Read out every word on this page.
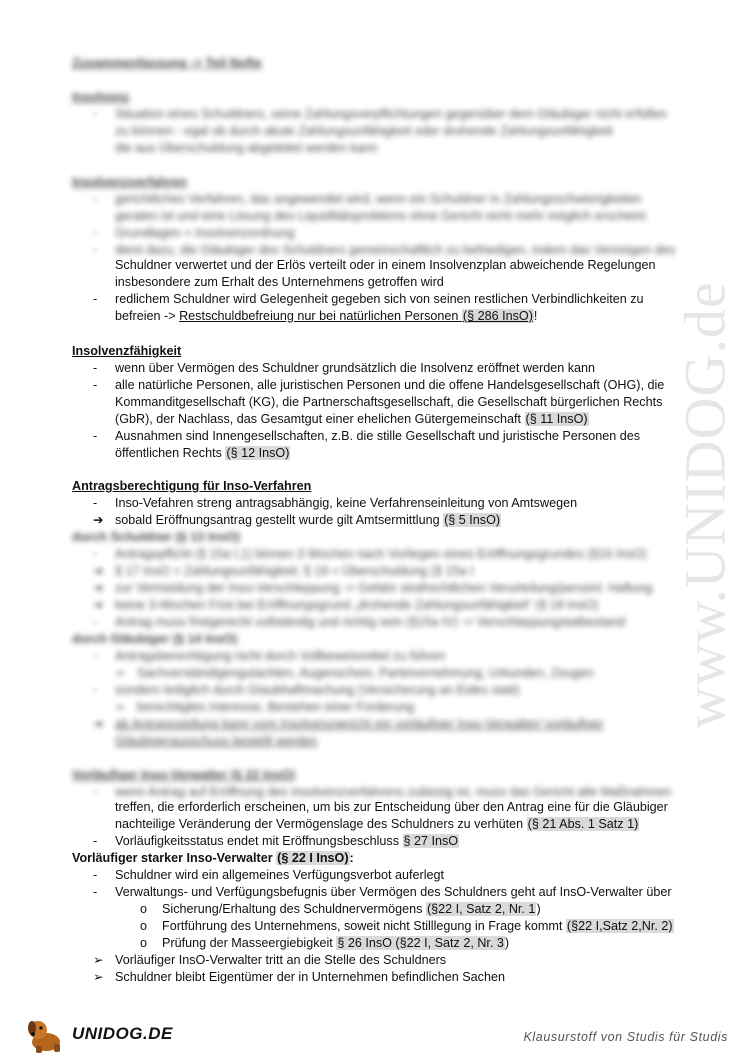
www.UNIDOG.de
Zusammenfassung -> Teil Nofte
Insolvenz
- Situation eines Schuldners, seine Zahlungsverpflichtungen gegenüber dem Gläubiger nicht erfüllen
zu können - egal ob durch akute Zahlungsunfähigkeit oder drohende Zahlungsunfähigkeit
die aus Überschuldung abgeleitet werden kann
Insolvenzverfahren
- gerichtliches Verfahren, das angewendet wird, wenn ein Schuldner in Zahlungsschwierigkeiten
geraten ist und eine Lösung des Liquiditätsproblems ohne Gericht nicht mehr möglich erscheint
- Grundlagen = Insolvenzordnung
- dient dazu, die Gläubiger des Schuldners gemeinschaftlich zu befriedigen, indem das Vermögen des
Schuldner verwertet und der Erlös verteilt oder in einem Insolvenzplan abweichende Regelungen
insbesondere zum Erhalt des Unternehmens getroffen wird
- redlichem Schuldner wird Gelegenheit gegeben sich von seinen restlichen Verbindlichkeiten zu
befreien -> Restschuldbefreiung nur bei natürlichen Personen (§ 286 InsO)!
Insolvenzfähigkeit
- wenn über Vermögen des Schuldner grundsätzlich die Insolvenz eröffnet werden kann
- alle natürliche Personen, alle juristischen Personen und die offene Handelsgesellschaft (OHG), die
Kommanditgesellschaft (KG), die Partnerschaftsgesellschaft, die Gesellschaft bürgerlichen Rechts
(GbR), der Nachlass, das Gesamtgut einer ehelichen Gütergemeinschaft (§ 11 InsO)
- Ausnahmen sind Innengesellschaften, z.B. die stille Gesellschaft und juristische Personen des
öffentlichen Rechts (§ 12 InsO)
Antragsberechtigung für Inso-Verfahren
- Inso-Vefahren streng antragsabhängig, keine Verfahrenseinleitung von Amtswegen
➔ sobald Eröffnungsantrag gestellt wurde gilt Amtsermittlung (§ 5 InsO)
durch Schuldner (§ 13 InsO)
- Antragspflicht (§ 15a I,1) binnen 3 Wochen nach Vorliegen eines Eröffnungsgrundes (§16 InsO)
➔ § 17 InsO = Zahlungsunfähigkeit; § 19 = Überschuldung (§ 15a I
➔ zur Vermeidung der Inso-Verschleppung -> Gefahr strafrechtlichen Verurteilung/persönl. Haftung
➔ keine 3-Wochen Frist bei Eröffnungsgrund „drohende Zahlungsunfähigkeit“ (§ 18 InsO)
- Antrag muss fristgerecht vollständig und richtig sein (§15a IV) -> Verschleppungstatbestand
durch Gläubiger (§ 14 InsO)
- Antragsberechtigung nicht durch Vollbeweismittel zu führen
➢ Sachverständigengutachten, Augenschein, Parteivernehmung, Urkunden, Zeugen
- sondern lediglich durch Glaubhaftmachung (Versicherung an Eides statt)
➢ berechtigtes Interesse, Bestehen einer Forderung
➔ ab Antragsstellung kann vom Insolvenzgericht ein vorläufiger Inso-Verwalter/ vorläufiger
Gläubigerausschuss bestellt werden
Vorläufiger Inso-Verwalter (§ 22 InsO)
- wenn Antrag auf Eröffnung des Insolvenzverfahrens zulässig ist, muss das Gericht alle Maßnahmen
treffen, die erforderlich erscheinen, um bis zur Entscheidung über den Antrag eine für die Gläubiger
nachteilige Veränderung der Vermögenslage des Schuldners zu verhüten (§ 21 Abs. 1 Satz 1)
- Vorläufigkeitsstatus endet mit Eröffnungsbeschluss § 27 InsO
Vorläufiger starker Inso-Verwalter (§ 22 I InsO):
- Schuldner wird ein allgemeines Verfügungsverbot auferlegt
- Verwaltungs- und Verfügungsbefugnis über Vermögen des Schuldners geht auf InsO-Verwalter über
o Sicherung/Erhaltung des Schuldnervermögens (§22 I, Satz 2, Nr. 1)
o Fortführung des Unternehmens, soweit nicht Stilllegung in Frage kommt (§22 I,Satz 2,Nr. 2)
o Prüfung der Masseergiebigkeit § 26 InsO (§22 I, Satz 2, Nr. 3)
➢ Vorläufiger InsO-Verwalter tritt an die Stelle des Schuldners
➢ Schuldner bleibt Eigentümer der in Unternehmen befindlichen Sachen
UNIDOG.DE	Klausurstoff von Studis für Studis
